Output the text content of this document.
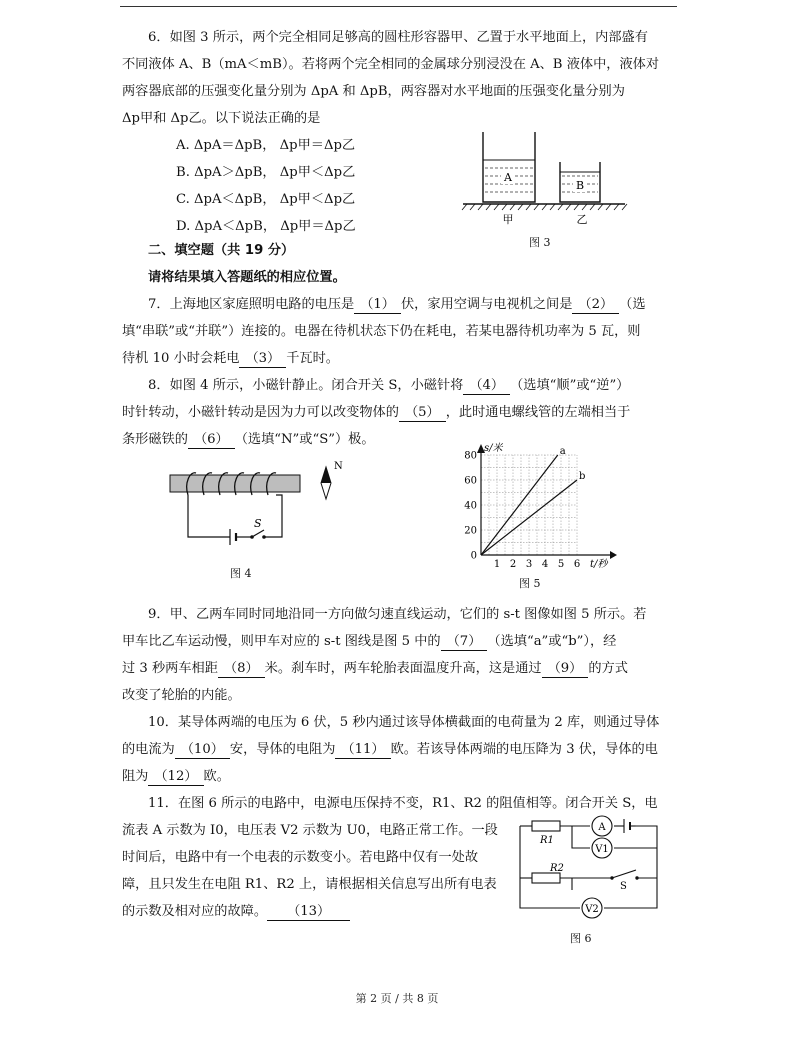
6．如图 3 所示，两个完全相同足够高的圆柱形容器甲、乙置于水平地面上，内部盛有
不同液体 A、B（mA＜mB）。若将两个完全相同的金属球分别浸没在 A、B 液体中，液体对
两容器底部的压强变化量分别为 ΔpA 和 ΔpB，两容器对水平地面的压强变化量分别为
Δp甲和 Δp乙。以下说法正确的是
A. ΔpA＝ΔpB， Δp甲＝Δp乙
B. ΔpA＞ΔpB， Δp甲＜Δp乙
C. ΔpA＜ΔpB， Δp甲＜Δp乙
D. ΔpA＜ΔpB， Δp甲＝Δp乙
A
B
甲	乙
图 3
二、填空题（共 19 分）
请将结果填入答题纸的相应位置。
7．上海地区家庭照明电路的电压是 （1） 伏，家用空调与电视机之间是 （2） （选
填“串联”或“并联”）连接的。电器在待机状态下仍在耗电，若某电器待机功率为 5 瓦，则
待机 10 小时会耗电 （3） 千瓦时。
8．如图 4 所示，小磁针静止。闭合开关 S，小磁针将 （4） （选填“顺”或“逆”）
时针转动，小磁针转动是因为力可以改变物体的 （5） ，此时通电螺线管的左端相当于
条形磁铁的 （6） （选填“N”或“S”）极。
S
N
图 4
s/米
t/秒
1 2 3 4 5 6
0
20
40
60
80	a
b
图 5
9．甲、乙两车同时同地沿同一方向做匀速直线运动，它们的 s-t 图像如图 5 所示。若
甲车比乙车运动慢，则甲车对应的 s-t 图线是图 5 中的 （7） （选填“a”或“b”），经
过 3 秒两车相距 （8） 米。刹车时，两车轮胎表面温度升高，这是通过 （9） 的方式
改变了轮胎的内能。
10．某导体两端的电压为 6 伏，5 秒内通过该导体横截面的电荷量为 2 库，则通过导体
的电流为 （10） 安，导体的电阻为 （11） 欧。若该导体两端的电压降为 3 伏，导体的电
阻为 （12） 欧。
11．在图 6 所示的电路中，电源电压保持不变，R1、R2 的阻值相等。闭合开关 S，电
流表 A 示数为 I0，电压表 V2 示数为 U0，电路正常工作。一段
时间后，电路中有一个电表的示数变小。若电路中仅有一处故
障，且只发生在电阻 R1、R2 上，请根据相关信息写出所有电表
的示数及相对应的故障。 （13）
R1
R2
A
V1
S
V2
图 6
第 2 页 / 共 8 页
